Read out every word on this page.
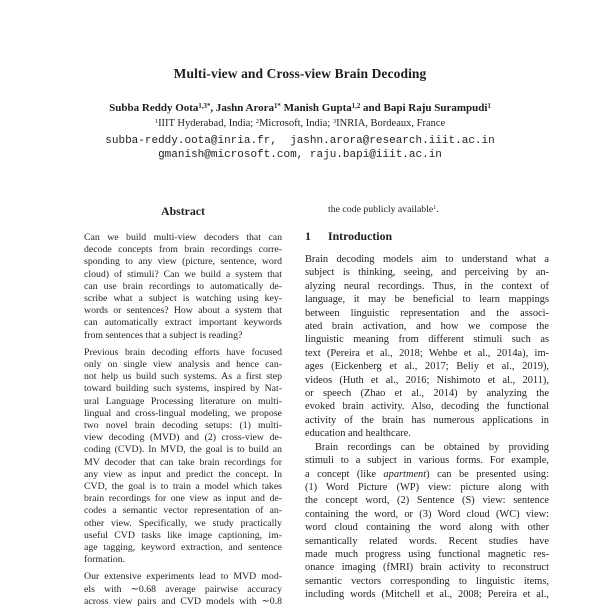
Multi-view and Cross-view Brain Decoding
Subba Reddy Oota$^{1,3*}$, Jashn Arora$^{1*}$ Manish Gupta$^{1,2}$ and Bapi Raju Surampudi$^1$
$^1$IIIT Hyderabad, India; $^2$Microsoft, India; $^3$INRIA, Bordeaux, France
subba-reddy.oota@inria.fr,  jashn.arora@research.iiit.ac.in
gmanish@microsoft.com, raju.bapi@iiit.ac.in
Abstract
Can we build multi-view decoders that can
decode concepts from brain recordings corre-
sponding to any view (picture, sentence, word
cloud) of stimuli? Can we build a system that
can use brain recordings to automatically de-
scribe what a subject is watching using key-
words or sentences? How about a system that
can automatically extract important keywords
from sentences that a subject is reading?
Previous brain decoding efforts have focused
only on single view analysis and hence can-
not help us build such systems. As a first step
toward building such systems, inspired by Nat-
ural Language Processing literature on multi-
lingual and cross-lingual modeling, we propose
two novel brain decoding setups: (1) multi-
view decoding (MVD) and (2) cross-view de-
coding (CVD). In MVD, the goal is to build an
MV decoder that can take brain recordings for
any view as input and predict the concept. In
CVD, the goal is to train a model which takes
brain recordings for one view as input and de-
codes a semantic vector representation of an-
other view. Specifically, we study practically
useful CVD tasks like image captioning, im-
age tagging, keyword extraction, and sentence
formation.
Our extensive experiments lead to MVD mod-
els with ∼0.68 average pairwise accuracy
across view pairs and CVD models with ∼0.8
the code publicly available$^1$.
1 Introduction
Brain decoding models aim to understand what a
subject is thinking, seeing, and perceiving by an-
alyzing neural recordings. Thus, in the context of
language, it may be beneficial to learn mappings
between linguistic representation and the associ-
ated brain activation, and how we compose the
linguistic meaning from different stimuli such as
text (Pereira et al., 2018; Wehbe et al., 2014a), im-
ages (Eickenberg et al., 2017; Beliy et al., 2019),
videos (Huth et al., 2016; Nishimoto et al., 2011),
or speech (Zhao et al., 2014) by analyzing the
evoked brain activity. Also, decoding the functional
activity of the brain has numerous applications in
education and healthcare.
Brain recordings can be obtained by providing
stimuli to a subject in various forms. For example,
a concept (like apartment) can be presented using:
(1) Word Picture (WP) view: picture along with
the concept word, (2) Sentence (S) view: sentence
containing the word, or (3) Word cloud (WC) view:
word cloud containing the word along with other
semantically related words. Recent studies have
made much progress using functional magnetic res-
onance imaging (fMRI) brain activity to reconstruct
semantic vectors corresponding to linguistic items,
including words (Mitchell et al., 2008; Pereira et al.,
